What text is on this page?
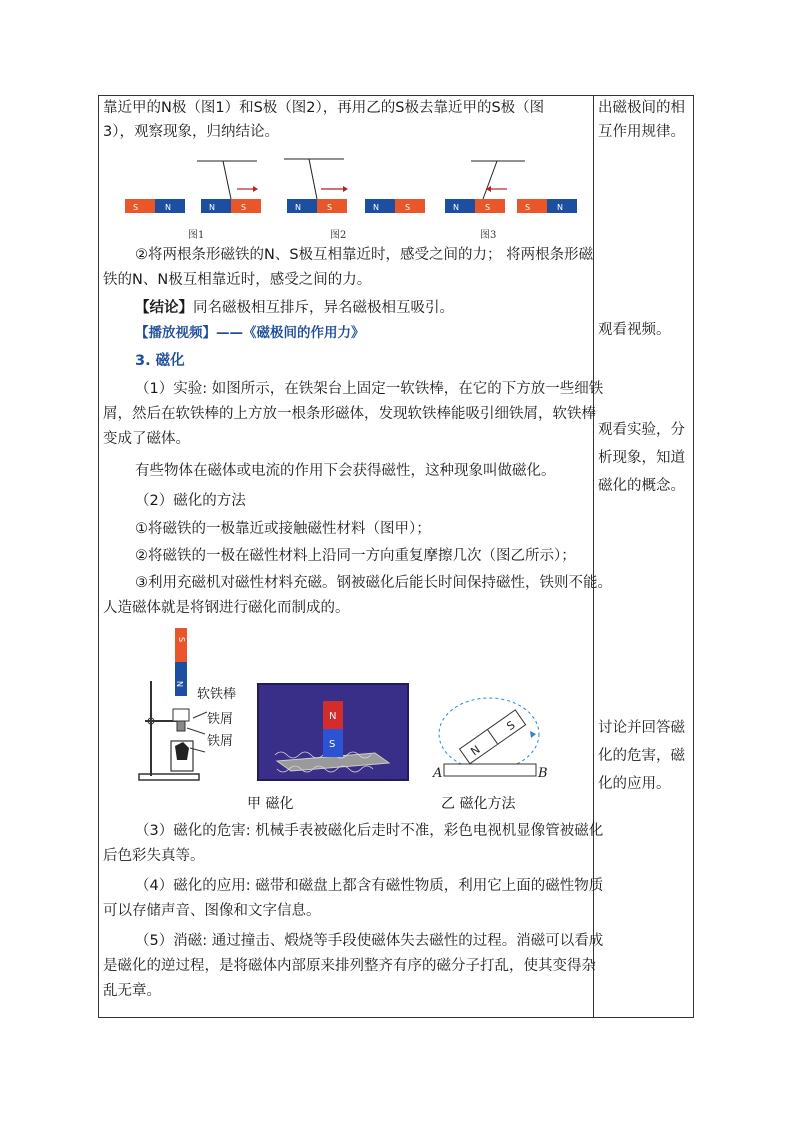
靠近甲的N极（图1）和S极（图2），再用乙的S极去靠近甲的S极（图
3），观察现象，归纳结论。
S	N	N	S	N	S	N	S	N	S	S	N
图1	图2	图3
②将两根条形磁铁的N、S极互相靠近时，感受之间的力； 将两根条形磁
铁的N、N极互相靠近时，感受之间的力。
【结论】同名磁极相互排斥，异名磁极相互吸引。
【播放视频】——《磁极间的作用力》
3. 磁化
（1）实验: 如图所示，在铁架台上固定一软铁棒，在它的下方放一些细铁
屑，然后在软铁棒的上方放一根条形磁体，发现软铁棒能吸引细铁屑，软铁棒
变成了磁体。
有些物体在磁体或电流的作用下会获得磁性，这种现象叫做磁化。
（2）磁化的方法
①将磁铁的一极靠近或接触磁性材料（图甲）；
②将磁铁的一极在磁性材料上沿同一方向重复摩擦几次（图乙所示）；
③利用充磁机对磁性材料充磁。钢被磁化后能长时间保持磁性，铁则不能。
人造磁体就是将钢进行磁化而制成的。
S
N
软铁棒
铁屑
铁屑
N
S	N
S
A	B
甲 磁化	乙 磁化方法
（3）磁化的危害: 机械手表被磁化后走时不准，彩色电视机显像管被磁化
后色彩失真等。
（4）磁化的应用: 磁带和磁盘上都含有磁性物质，利用它上面的磁性物质
可以存储声音、图像和文字信息。
（5）消磁: 通过撞击、煅烧等手段使磁体失去磁性的过程。消磁可以看成
是磁化的逆过程，是将磁体内部原来排列整齐有序的磁分子打乱，使其变得杂
乱无章。
出磁极间的相
互作用规律。
观看视频。
观看实验，分
析现象，知道
磁化的概念。
讨论并回答磁
化的危害，磁
化的应用。
